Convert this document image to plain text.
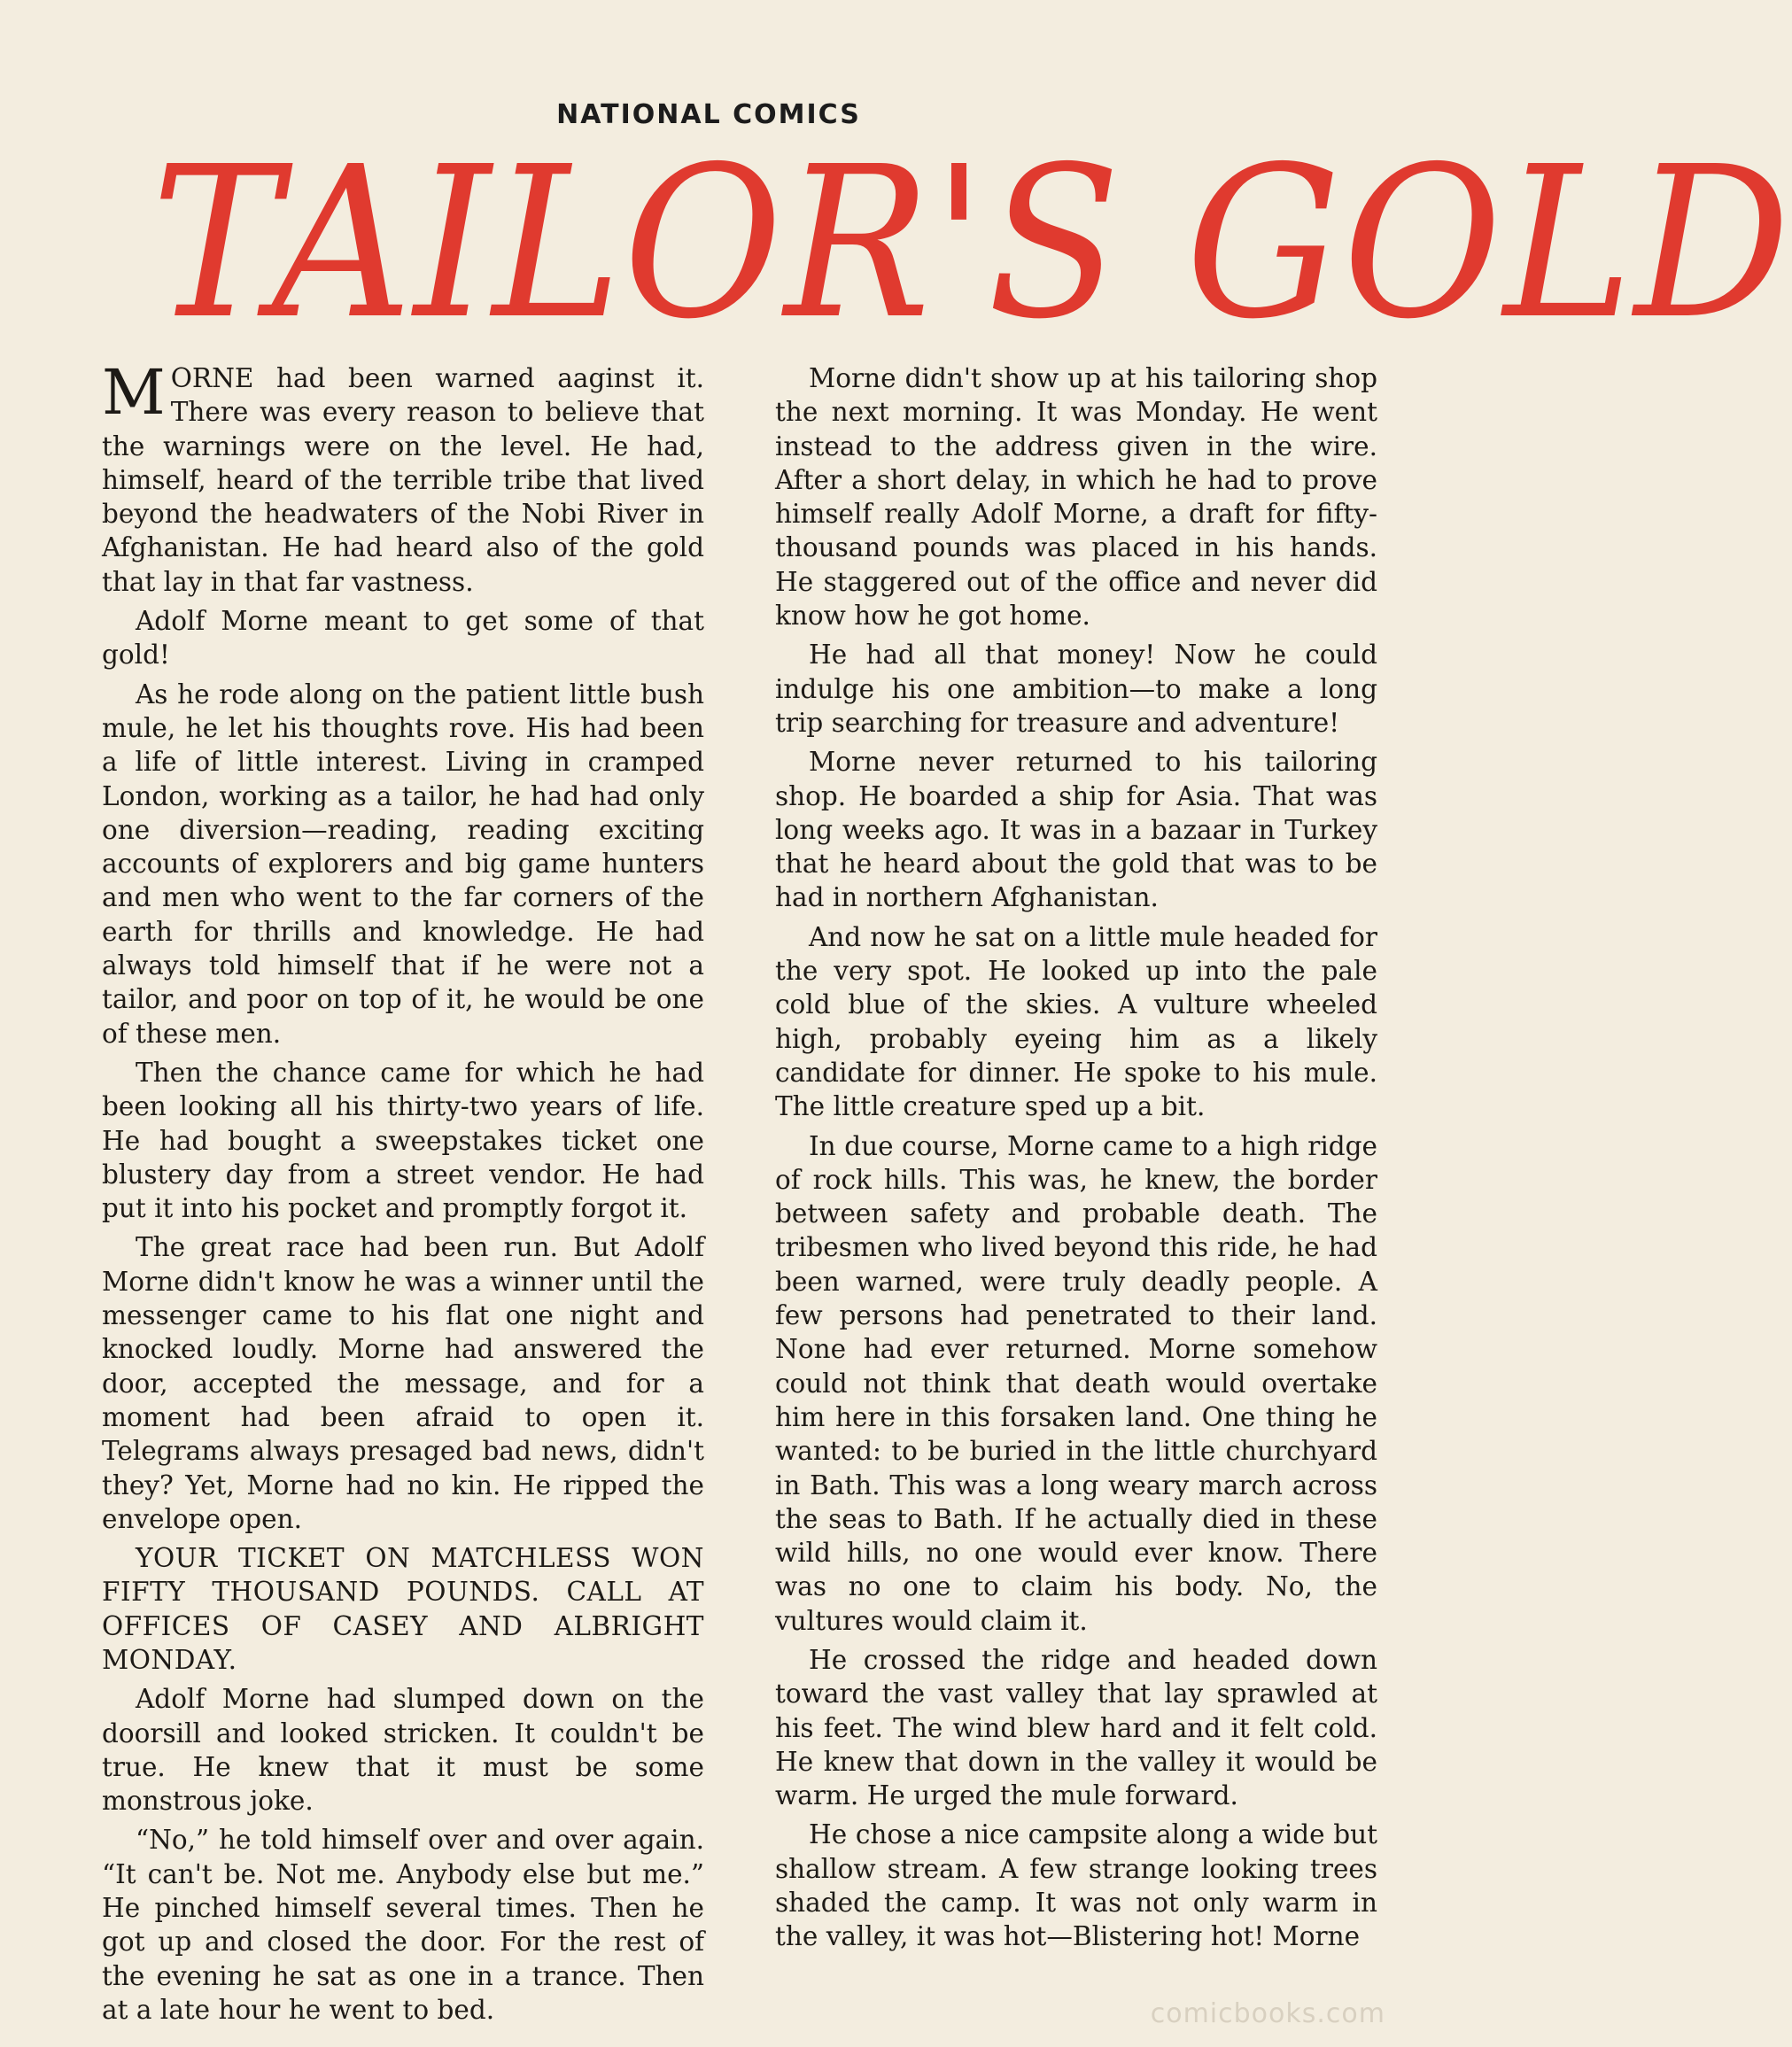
NATIONAL COMICS
TAILOR'S GOLD

MORNE had been warned aaginst it. There was every reason to believe that the warnings were on the level. He had, himself, heard of the terrible tribe that lived beyond the headwaters of the Nobi River in Afghanistan. He had heard also of the gold that lay in that far vastness.

Adolf Morne meant to get some of that gold!

As he rode along on the patient little bush mule, he let his thoughts rove. His had been a life of little interest. Living in cramped London, working as a tailor, he had had only one diversion—reading, reading exciting accounts of explorers and big game hunters and men who went to the far corners of the earth for thrills and knowledge. He had always told himself that if he were not a tailor, and poor on top of it, he would be one of these men.

Then the chance came for which he had been looking all his thirty-two years of life. He had bought a sweepstakes ticket one blustery day from a street vendor. He had put it into his pocket and promptly forgot it.

The great race had been run. But Adolf Morne didn't know he was a winner until the messenger came to his flat one night and knocked loudly. Morne had answered the door, accepted the message, and for a moment had been afraid to open it. Telegrams always presaged bad news, didn't they? Yet, Morne had no kin. He ripped the envelope open.

YOUR TICKET ON MATCHLESS WON FIFTY THOUSAND POUNDS. CALL AT OFFICES OF CASEY AND ALBRIGHT MONDAY.

Adolf Morne had slumped down on the doorsill and looked stricken. It couldn't be true. He knew that it must be some monstrous joke.

“No,” he told himself over and over again. “It can't be. Not me. Anybody else but me.” He pinched himself several times. Then he got up and closed the door. For the rest of the evening he sat as one in a trance. Then at a late hour he went to bed.

Morne didn't show up at his tailoring shop the next morning. It was Monday. He went instead to the address given in the wire. After a short delay, in which he had to prove himself really Adolf Morne, a draft for fifty-thousand pounds was placed in his hands. He staggered out of the office and never did know how he got home.

He had all that money! Now he could indulge his one ambition—to make a long trip searching for treasure and adventure!

Morne never returned to his tailoring shop. He boarded a ship for Asia. That was long weeks ago. It was in a bazaar in Turkey that he heard about the gold that was to be had in northern Afghanistan.

And now he sat on a little mule headed for the very spot. He looked up into the pale cold blue of the skies. A vulture wheeled high, probably eyeing him as a likely candidate for dinner. He spoke to his mule. The little creature sped up a bit.

In due course, Morne came to a high ridge of rock hills. This was, he knew, the border between safety and probable death. The tribesmen who lived beyond this ride, he had been warned, were truly deadly people. A few persons had penetrated to their land. None had ever returned. Morne somehow could not think that death would overtake him here in this forsaken land. One thing he wanted: to be buried in the little churchyard in Bath. This was a long weary march across the seas to Bath. If he actually died in these wild hills, no one would ever know. There was no one to claim his body. No, the vultures would claim it.

He crossed the ridge and headed down toward the vast valley that lay sprawled at his feet. The wind blew hard and it felt cold. He knew that down in the valley it would be warm. He urged the mule forward.

He chose a nice campsite along a wide but shallow stream. A few strange looking trees shaded the camp. It was not only warm in the valley, it was hot—Blistering hot! Morne

comicbooks.com
